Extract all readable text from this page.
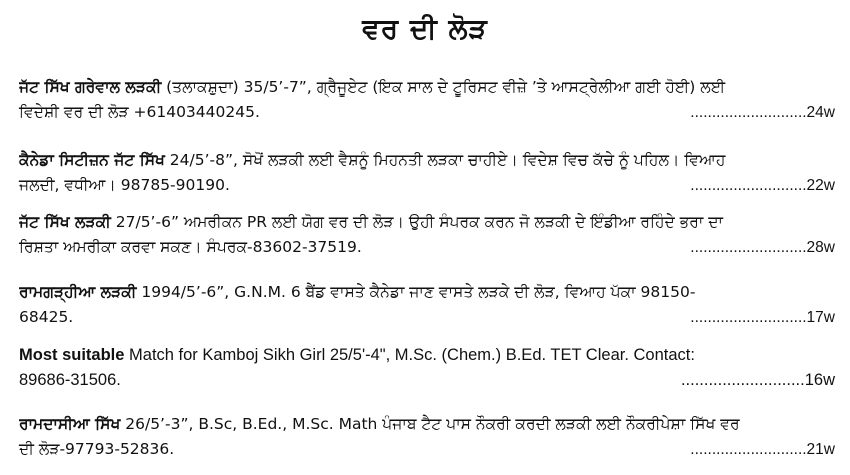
ਵਰ ਦੀ ਲੋੜ
ਜੱਟ ਸਿੱਖ ਗਰੇਵਾਲ ਲੜਕੀ (ਤਲਾਕਸ਼ੁਦਾ) 35/5’-7”, ਗ੍ਰੈਜੂਏਟ (ਇਕ ਸਾਲ ਦੇ ਟੂਰਿਸਟ ਵੀਜ਼ੇ ’ਤੇ ਆਸਟ੍ਰੇਲੀਆ ਗਈ ਹੋਈ) ਲਈ
ਵਿਦੇਸ਼ੀ ਵਰ ਦੀ ਲੋੜ +61403440245.	...........................24w
ਕੈਨੇਡਾ ਸਿਟੀਜ਼ਨ ਜੱਟ ਸਿੱਖ 24/5’-8”, ਸੋਖੋਂ ਲੜਕੀ ਲਈ ਵੈਸ਼ਨੂੰ ਮਿਹਨਤੀ ਲੜਕਾ ਚਾਹੀਏ। ਵਿਦੇਸ਼ ਵਿਚ ਕੱਚੇ ਨੂੰ ਪਹਿਲ। ਵਿਆਹ
ਜਲਦੀ, ਵਧੀਆ। 98785-90190.	...........................22w
ਜੱਟ ਸਿੱਖ ਲੜਕੀ 27/5’-6” ਅਮਰੀਕਨ PR ਲਈ ਯੋਗ ਵਰ ਦੀ ਲੋੜ। ਉਹੀ ਸੰਪਰਕ ਕਰਨ ਜੋ ਲੜਕੀ ਦੇ ਇੰਡੀਆ ਰਹਿੰਦੇ ਭਰਾ ਦਾ
ਰਿਸ਼ਤਾ ਅਮਰੀਕਾ ਕਰਵਾ ਸਕਣ। ਸੰਪਰਕ-83602-37519.	...........................28w
ਰਾਮਗੜ੍ਹੀਆ ਲੜਕੀ 1994/5’-6”, G.N.M. 6 ਬੈਂਡ ਵਾਸਤੇ ਕੈਨੇਡਾ ਜਾਣ ਵਾਸਤੇ ਲੜਕੇ ਦੀ ਲੋੜ, ਵਿਆਹ ਪੱਕਾ 98150-
68425.	...........................17w
Most suitable Match for Kamboj Sikh Girl 25/5'-4", M.Sc. (Chem.) B.Ed. TET Clear. Contact:
89686-31506.	...........................16w
ਰਾਮਦਾਸੀਆ ਸਿੱਖ 26/5’-3”, B.Sc, B.Ed., M.Sc. Math ਪੰਜਾਬ ਟੈਟ ਪਾਸ ਨੌਕਰੀ ਕਰਦੀ ਲੜਕੀ ਲਈ ਨੌਕਰੀਪੇਸ਼ਾ ਸਿੱਖ ਵਰ
ਦੀ ਲੋੜ-97793-52836.	...........................21w
